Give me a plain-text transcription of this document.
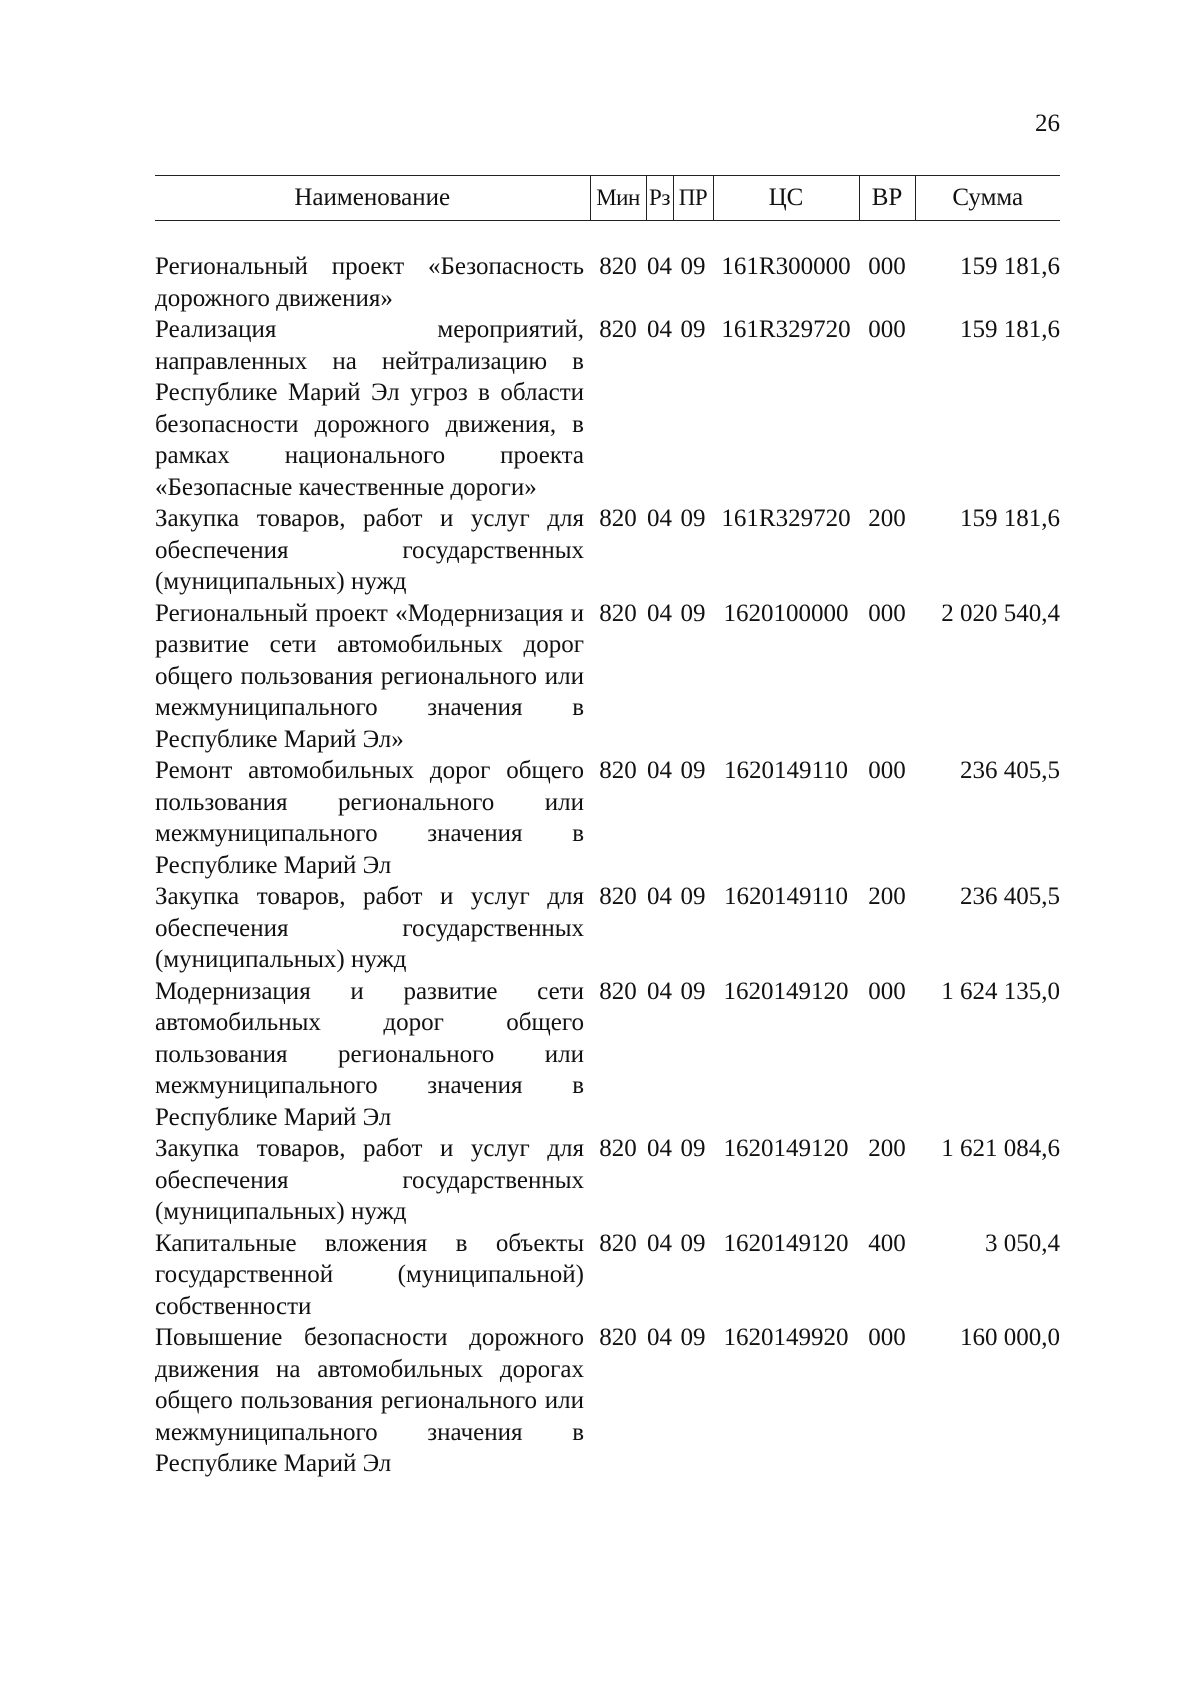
26
Наименование	Мин	Рз	ПР	ЦС	ВР	Сумма

Региональный проект «Безопасность дорожного движения»	820	04	09	161R300000	000	159 181,6
Реализация мероприятий, направленных на нейтрализацию в Республике Марий Эл угроз в области безопасности дорожного движения, в рамках национального проекта «Безопасные качественные дороги»	820	04	09	161R329720	000	159 181,6
Закупка товаров, работ и услуг для обеспечения государственных (муниципальных) нужд	820	04	09	161R329720	200	159 181,6
Региональный проект «Модернизация и развитие сети автомобильных дорог общего пользования регионального или межмуниципального значения в Республике Марий Эл»	820	04	09	1620100000	000	2 020 540,4
Ремонт автомобильных дорог общего пользования регионального или межмуниципального значения в Республике Марий Эл	820	04	09	1620149110	000	236 405,5
Закупка товаров, работ и услуг для обеспечения государственных (муниципальных) нужд	820	04	09	1620149110	200	236 405,5
Модернизация и развитие сети автомобильных дорог общего пользования регионального или межмуниципального значения в Республике Марий Эл	820	04	09	1620149120	000	1 624 135,0
Закупка товаров, работ и услуг для обеспечения государственных (муниципальных) нужд	820	04	09	1620149120	200	1 621 084,6
Капитальные вложения в объекты государственной (муниципальной) собственности	820	04	09	1620149120	400	3 050,4
Повышение безопасности дорожного движения на автомобильных дорогах общего пользования регионального или межмуниципального значения в Республике Марий Эл	820	04	09	1620149920	000	160 000,0
